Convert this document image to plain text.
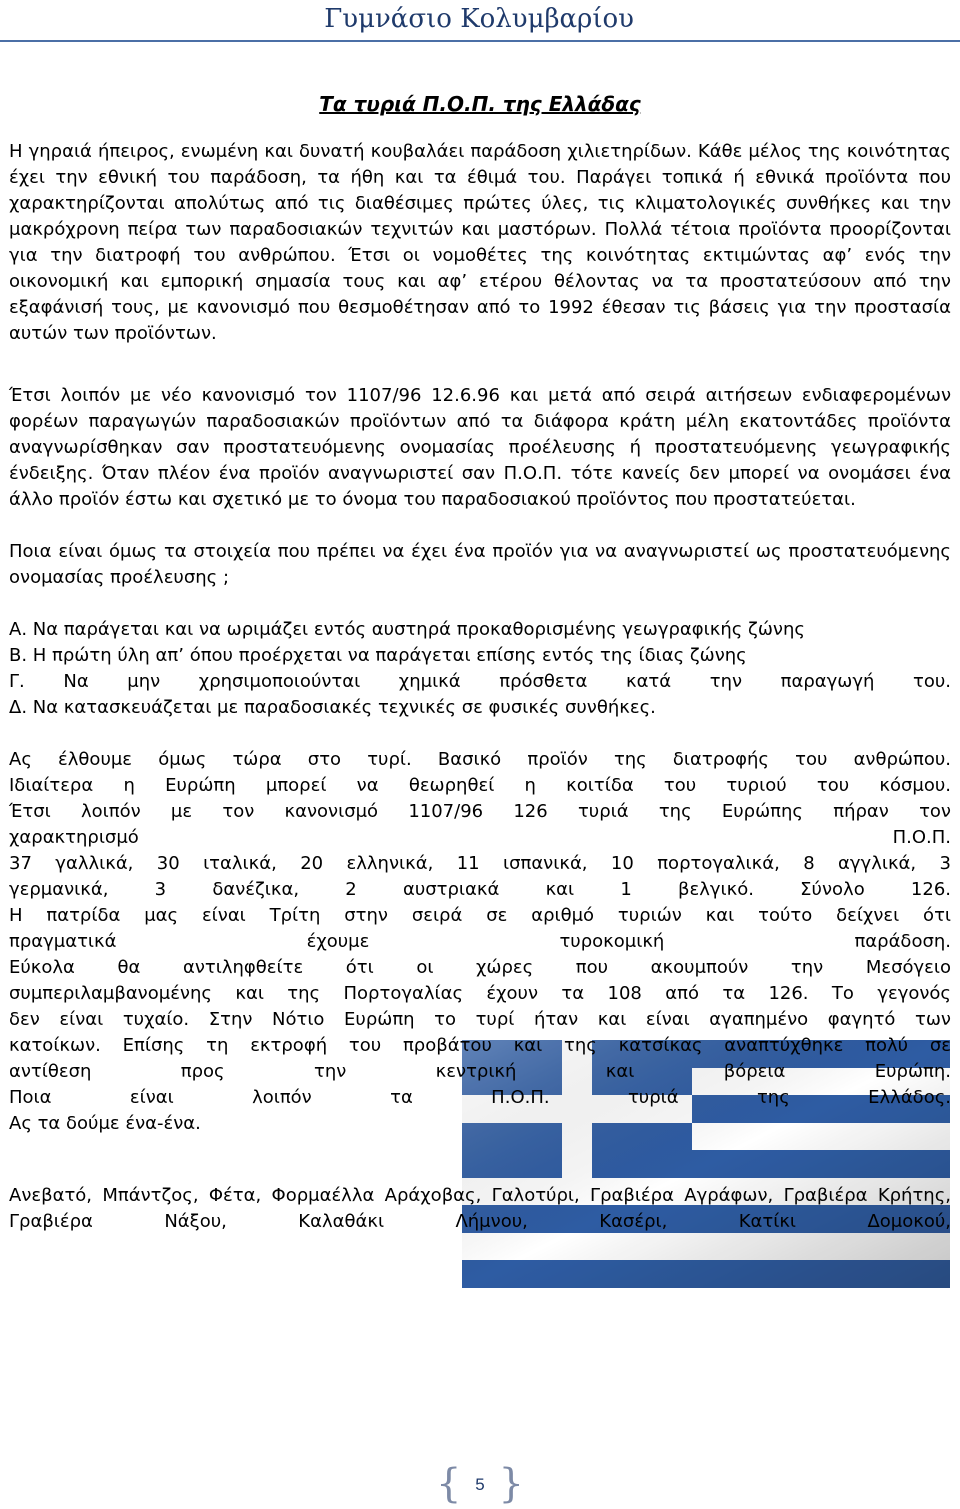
Γυμνάσιο Κολυμβαρίου
Τα τυριά Π.Ο.Π. της Ελλάδας

Η γηραιά ήπειρος, ενωμένη και δυνατή κουβαλάει παράδοση χιλιετηρίδων. Κάθε μέλος της κοινότητας έχει την εθνική του παράδοση, τα ήθη και τα έθιμά του. Παράγει τοπικά ή εθνικά προϊόντα που χαρακτηρίζονται απολύτως από τις διαθέσιμες πρώτες ύλες, τις κλιματολογικές συνθήκες και την μακρόχρονη πείρα των παραδοσιακών τεχνιτών και μαστόρων. Πολλά τέτοια προϊόντα προορίζονται για την διατροφή του ανθρώπου. Έτσι οι νομοθέτες της κοινότητας εκτιμώντας αφ’ ενός την οικονομική και εμπορική σημασία τους και αφ’ ετέρου θέλοντας να τα προστατεύσουν από την εξαφάνισή τους, με κανονισμό που θεσμοθέτησαν από το 1992 έθεσαν τις βάσεις για την προστασία αυτών των προϊόντων.

Έτσι λοιπόν με νέο κανονισμό τον 1107/96 12.6.96 και μετά από σειρά αιτήσεων ενδιαφερομένων φορέων παραγωγών παραδοσιακών προϊόντων από τα διάφορα κράτη μέλη εκατοντάδες προϊόντα αναγνωρίσθηκαν σαν προστατευόμενης ονομασίας προέλευσης ή προστατευόμενης γεωγραφικής ένδειξης. Όταν πλέον ένα προϊόν αναγνωριστεί σαν Π.Ο.Π. τότε κανείς δεν μπορεί να ονομάσει ένα άλλο προϊόν έστω και σχετικό με το όνομα του παραδοσιακού προϊόντος που προστατεύεται.

Ποια είναι όμως τα στοιχεία που πρέπει να έχει ένα προϊόν για να αναγνωριστεί ως προστατευόμενης ονομασίας προέλευσης ;

Α. Να παράγεται και να ωριμάζει εντός αυστηρά προκαθορισμένης γεωγραφικής ζώνης
Β. Η πρώτη ύλη απ’ όπου προέρχεται να παράγεται επίσης εντός της ίδιας ζώνης
Γ. Να μην χρησιμοποιούνται χημικά πρόσθετα κατά την παραγωγή του.
Δ. Να κατασκευάζεται με παραδοσιακές τεχνικές σε φυσικές συνθήκες.
Ας έλθουμε όμως τώρα στο τυρί. Βασικό προϊόν της διατροφής του ανθρώπου.
Ιδιαίτερα η Ευρώπη μπορεί να θεωρηθεί η κοιτίδα του τυριού του κόσμου.
Έτσι λοιπόν με τον κανονισμό 1107/96 126 τυριά της Ευρώπης πήραν τον
χαρακτηρισμό Π.Ο.Π.
37 γαλλικά, 30 ιταλικά, 20 ελληνικά, 11 ισπανικά, 10 πορτογαλικά, 8 αγγλικά, 3
γερμανικά, 3 δανέζικα, 2 αυστριακά και 1 βελγικό. Σύνολο 126.
Η πατρίδα μας είναι Τρίτη στην σειρά σε αριθμό τυριών και τούτο δείχνει ότι
πραγματικά έχουμε τυροκομική παράδοση.
Εύκολα θα αντιληφθείτε ότι οι χώρες που ακουμπούν την Μεσόγειο
συμπεριλαμβανομένης και της Πορτογαλίας έχουν τα 108 από τα 126. Το γεγονός
δεν είναι τυχαίο. Στην Νότιο Ευρώπη το τυρί ήταν και είναι αγαπημένο φαγητό των
κατοίκων. Επίσης τη εκτροφή του προβάτου και της κατσίκας αναπτύχθηκε πολύ σε
αντίθεση προς την κεντρική και βόρεια Ευρώπη.
Ποια είναι λοιπόν τα Π.Ο.Π. τυριά της Ελλάδος.
Ας τα δούμε ένα-ένα.

Ανεβατό, Μπάντζος, Φέτα, Φορμαέλλα Αράχοβας, Γαλοτύρι, Γραβιέρα Αγράφων, Γραβιέρα Κρήτης, Γραβιέρα Νάξου, Καλαθάκι Λήμνου, Κασέρι, Κατίκι Δομοκού,

{ 5 }
